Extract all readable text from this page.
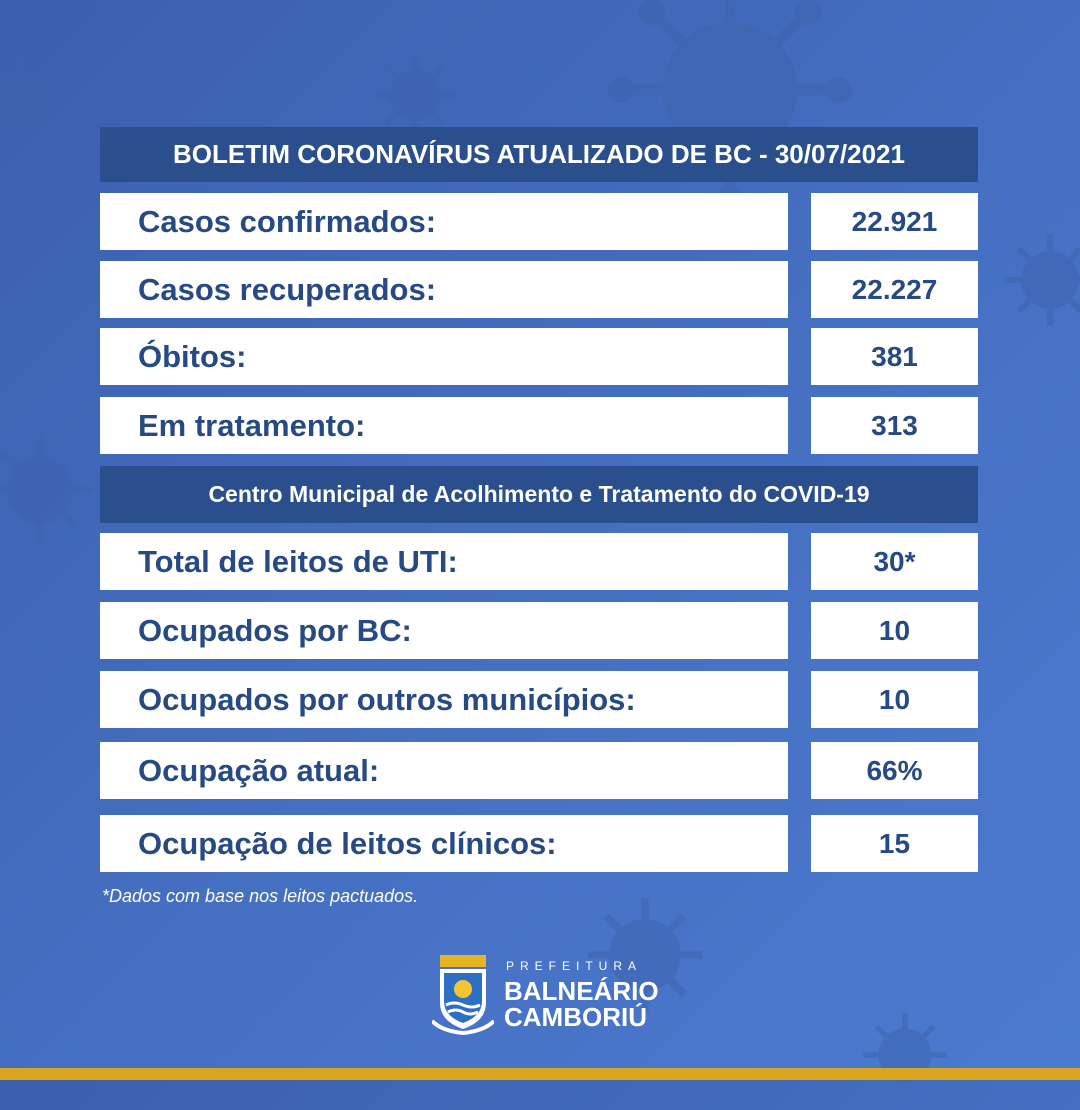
BOLETIM CORONAVÍRUS ATUALIZADO DE BC - 30/07/2021
Casos confirmados:	22.921
Casos recuperados:	22.227
Óbitos:	381
Em tratamento:	313
Centro Municipal de Acolhimento e Tratamento do COVID-19
Total de leitos de UTI:	30*
Ocupados por BC:	10
Ocupados por outros municípios:	10
Ocupação atual:	66%
Ocupação de leitos clínicos:	15
*Dados com base nos leitos pactuados.
PREFEITURA
BALNEÁRIO
CAMBORIÚ
